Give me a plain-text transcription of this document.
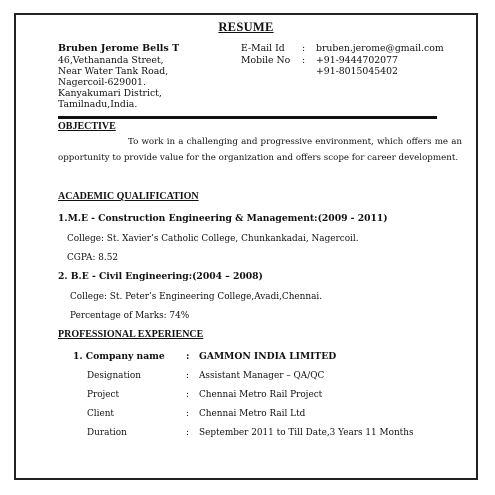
RESUME
Bruben Jerome Bells T
46,Vethananda Street,
Near Water Tank Road,
Nagercoil-629001.
Kanyakumari District,
Tamilnadu,India.
E-Mail Id : bruben.jerome@gmail.com
Mobile No : +91-9444702077
+91-8015045402
OBJECTIVE
To work in a challenging and progressive environment, which offers me an opportunity to provide value for the organization and offers scope for career development.
ACADEMIC QUALIFICATION
1.M.E - Construction Engineering & Management:(2009 - 2011)
College: St. Xavier’s Catholic College, Chunkankadai, Nagercoil.
CGPA: 8.52
2. B.E - Civil Engineering:(2004 – 2008)
College: St. Peter’s Engineering College,Avadi,Chennai.
Percentage of Marks: 74%
PROFESSIONAL EXPERIENCE
1. Company name : GAMMON INDIA LIMITED
Designation	: Assistant Manager – QA/QC
Project	: Chennai Metro Rail Project
Client	: Chennai Metro Rail Ltd
Duration	: September 2011 to Till Date,3 Years 11 Months
